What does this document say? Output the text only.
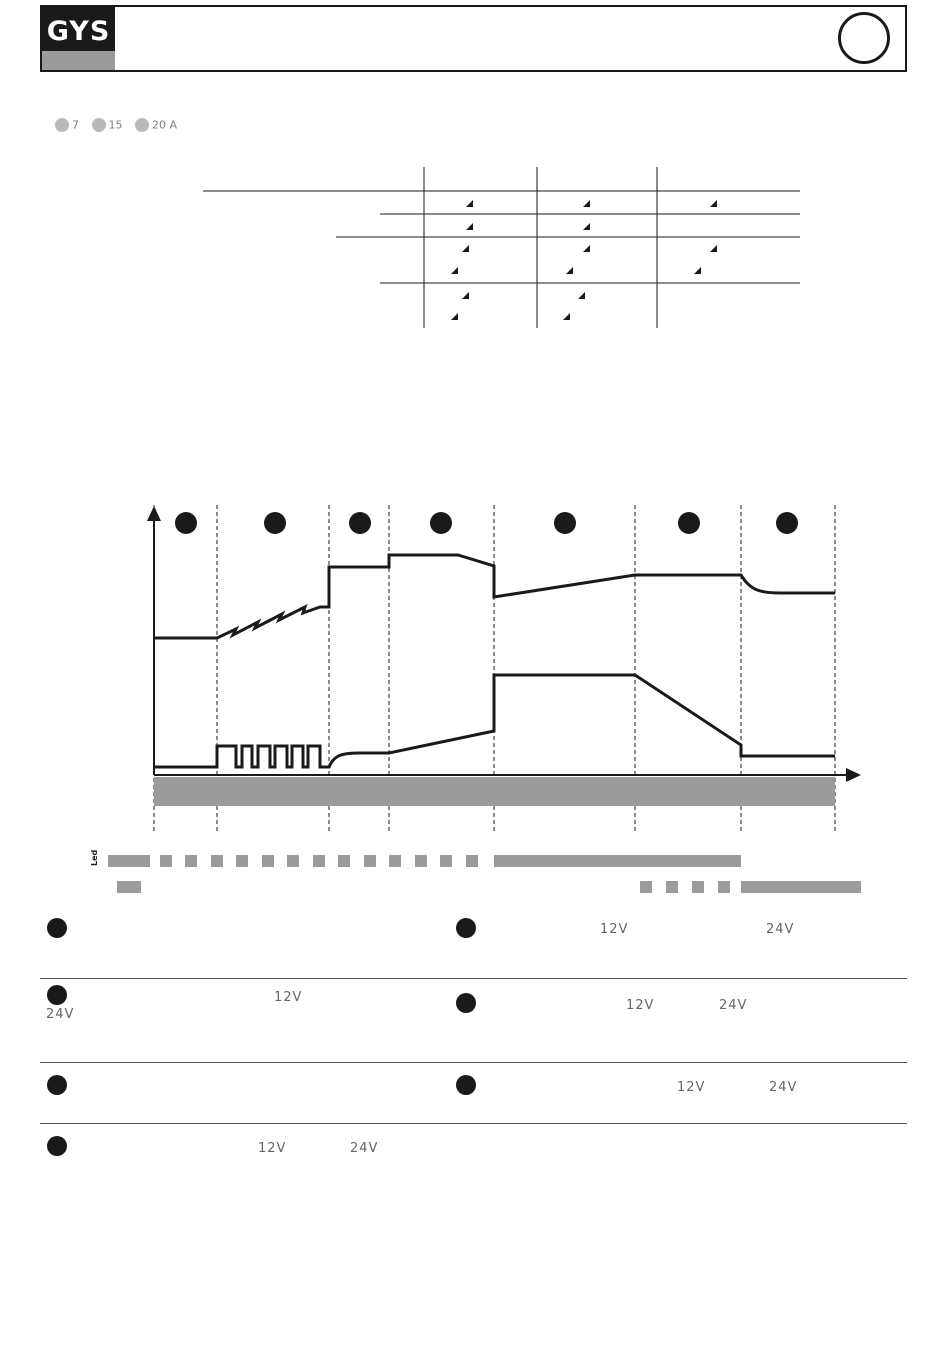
GYS
7	15	20 A
Led
12V	24V
12V
24V
12V	24V
12V	24V
12V	24V
